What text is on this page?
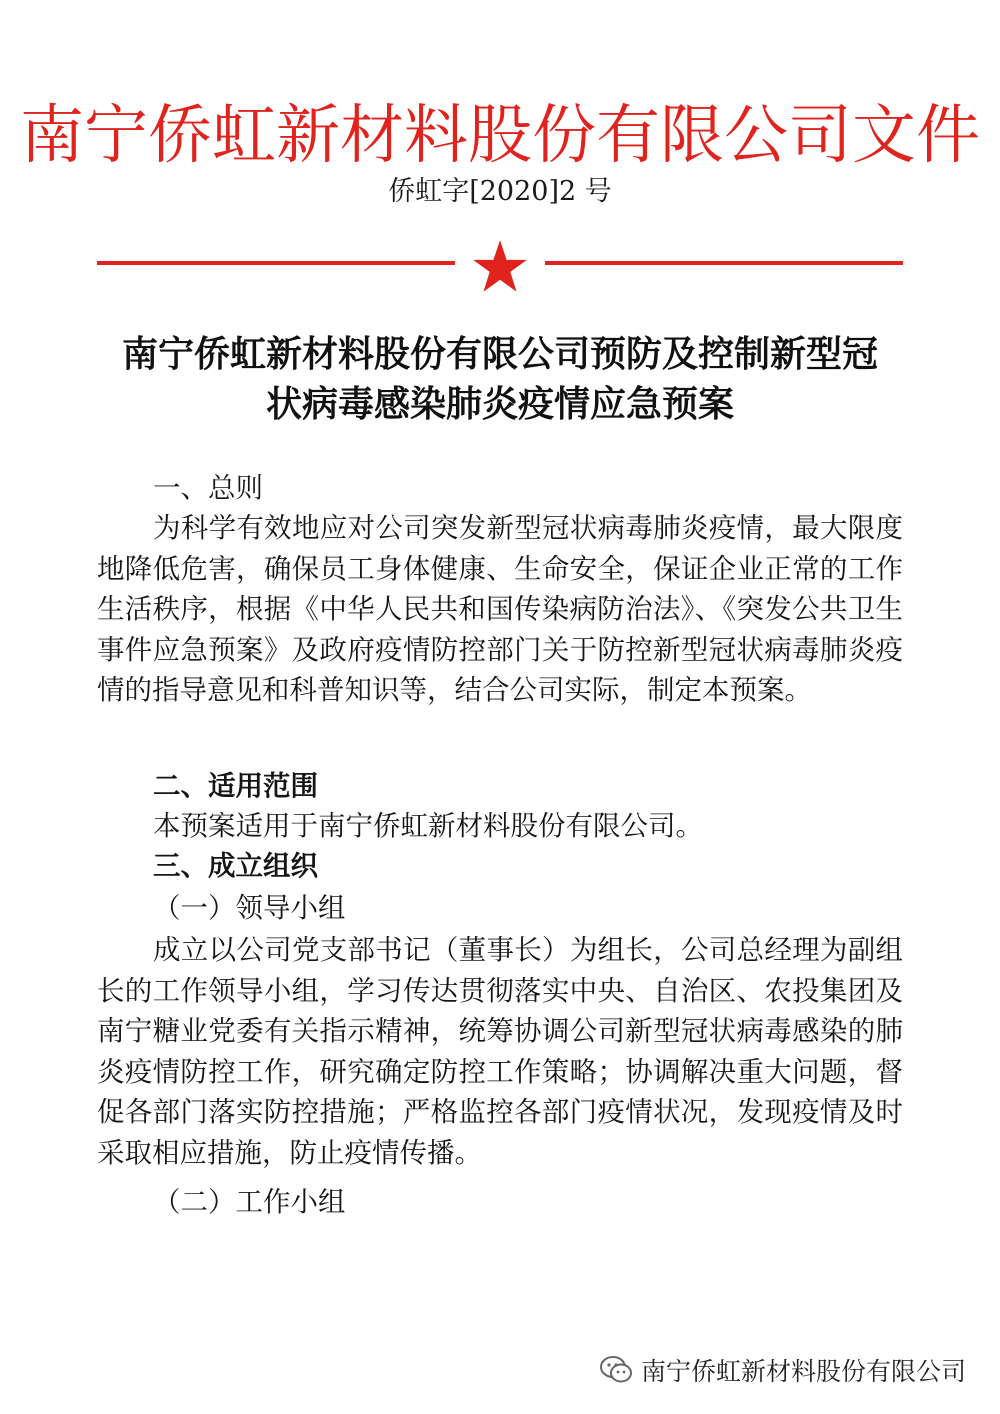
南宁侨虹新材料股份有限公司文件
侨虹字[2020]2 号
南宁侨虹新材料股份有限公司预防及控制新型冠
状病毒感染肺炎疫情应急预案
一、总则
为科学有效地应对公司突发新型冠状病毒肺炎疫情，最大限度地降低危害，确保员工身体健康、生命安全，保证企业正常的工作生活秩序，根据《中华人民共和国传染病防治法》、《突发公共卫生事件应急预案》及政府疫情防控部门关于防控新型冠状病毒肺炎疫情的指导意见和科普知识等，结合公司实际，制定本预案。
二、适用范围
本预案适用于南宁侨虹新材料股份有限公司。
三、成立组织
（一）领导小组
成立以公司党支部书记（董事长）为组长，公司总经理为副组长的工作领导小组，学习传达贯彻落实中央、自治区、农投集团及南宁糖业党委有关指示精神，统筹协调公司新型冠状病毒感染的肺炎疫情防控工作，研究确定防控工作策略；协调解决重大问题，督促各部门落实防控措施；严格监控各部门疫情状况，发现疫情及时采取相应措施，防止疫情传播。
（二）工作小组
南宁侨虹新材料股份有限公司
